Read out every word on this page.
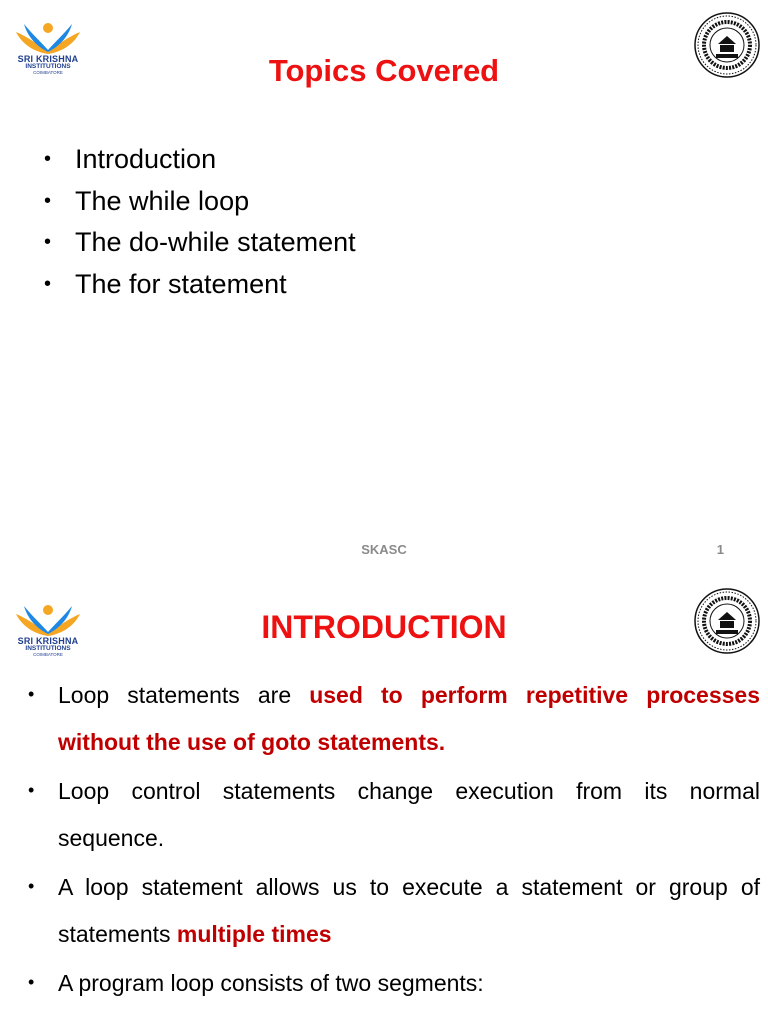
SRI KRISHNA
INSTITUTIONS
COIMBATORE	Topics Covered
• Introduction
• The while loop
• The do-while statement
• The for statement
SKASC	1
SRI KRISHNA
INSTITUTIONS
COIMBATORE
INTRODUCTION
• Loop statements are used to perform repetitive processes without the use of goto statements.
• Loop control statements change execution from its normal sequence.
• A loop statement allows us to execute a statement or group of statements multiple times
• A program loop consists of two segments:
